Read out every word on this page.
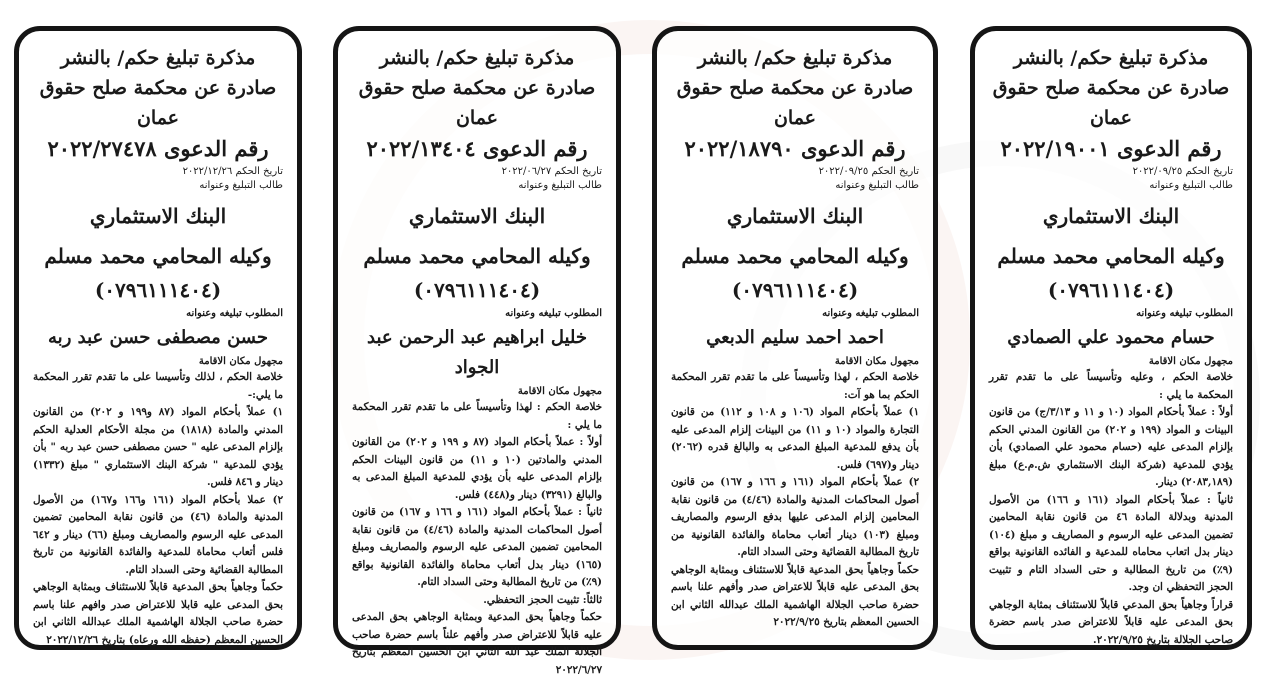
مذكرة تبليغ حكم/ بالنشر
صادرة عن محكمة صلح حقوق عمان
رقم الدعوى ٢٠٢٢/١٩٠٠١
تاريخ الحكم ٢٠٢٢/٠٩/٢٥
طالب التبليغ وعنوانه
البنك الاستثماري
وكيله المحامي محمد مسلم
(٠٧٩٦١١١٤٠٤)
المطلوب تبليغه وعنوانه
حسام محمود علي الصمادي
مجهول مكان الاقامة

خلاصة الحكم ، وعليه وتأسيساً على ما تقدم تقرر المحكمة ما يلي :

أولاً : عملاً بأحكام المواد (١٠ و ١١ و ٣/١٣/ج) من قانون البينات و المواد (١٩٩ و ٢٠٢) من القانون المدني الحكم بإلزام المدعى عليه (حسام محمود علي الصمادي) بأن يؤدي للمدعية (شركة البنك الاستثماري ش.م.ع) مبلغ (٢٠٨٣,١٨٩) دينار.

ثانياً : عملاً بأحكام المواد (١٦١ و ١٦٦) من الأصول المدنية وبدلالة المادة ٤٦ من قانون نقابة المحامين تضمين المدعى عليه الرسوم و المصاريف و مبلغ (١٠٤) دينار بدل اتعاب محاماه للمدعية و الفائده القانونية بواقع (٩٪) من تاريخ المطالبة و حتى السداد التام و تثبيت الحجز التحفظي ان وجد.

قراراً وجاهياً بحق المدعي قابلاً للاستئناف بمثابة الوجاهي بحق المدعى عليه قابلاً للاعتراض صدر باسم حضرة صاحب الجلالة بتاريخ ٢٠٢٢/٩/٢٥.

مذكرة تبليغ حكم/ بالنشر
صادرة عن محكمة صلح حقوق عمان
رقم الدعوى ٢٠٢٢/١٨٧٩٠
تاريخ الحكم ٢٠٢٢/٠٩/٢٥
طالب التبليغ وعنوانه
البنك الاستثماري
وكيله المحامي محمد مسلم
(٠٧٩٦١١١٤٠٤)
المطلوب تبليغه وعنوانه
احمد احمد سليم الدبعي
مجهول مكان الاقامة

خلاصة الحكم ، لهذا وتأسيساً على ما تقدم تقرر المحكمة الحكم بما هو آت:

١) عملاً بأحكام المواد (١٠٦ و ١٠٨ و ١١٢) من قانون التجارة والمواد (١٠ و ١١) من البينات إلزام المدعى عليه بأن يدفع للمدعية المبلغ المدعى به والبالغ قدره (٢٠٦٢) دينار و(٦٩٧) فلس.

٢) عملاً بأحكام المواد (١٦١ و ١٦٦ و ١٦٧) من قانون أصول المحاكمات المدنية والمادة (٤/٤٦) من قانون نقابة المحامين إلزام المدعى عليها بدفع الرسوم والمصاريف ومبلغ (١٠٣) دينار أتعاب محاماة والفائدة القانونية من تاريخ المطالبة القضائية وحتى السداد التام.

حكماً وجاهياً بحق المدعية قابلاً للاستئناف وبمثابة الوجاهي بحق المدعى عليه قابلاً للاعتراض صدر وأفهم علنا باسم حضرة صاحب الجلالة الهاشمية الملك عبدالله الثاني ابن الحسين المعظم بتاريخ ٢٠٢٢/٩/٢٥

مذكرة تبليغ حكم/ بالنشر
صادرة عن محكمة صلح حقوق عمان
رقم الدعوى ٢٠٢٢/١٣٤٠٤
تاريخ الحكم ٢٠٢٢/٠٦/٢٧
طالب التبليغ وعنوانه
البنك الاستثماري
وكيله المحامي محمد مسلم
(٠٧٩٦١١١٤٠٤)
المطلوب تبليغه وعنوانه
خليل ابراهيم عبد الرحمن عبد الجواد
مجهول مكان الاقامة

خلاصة الحكم : لهذا وتأسيساً على ما تقدم تقرر المحكمة ما يلي :

أولاً : عملاً بأحكام المواد (٨٧ و ١٩٩ و ٢٠٢) من القانون المدني والمادتين (١٠ و ١١) من قانون البينات الحكم بإلزام المدعى عليه بأن يؤدي للمدعية المبلغ المدعى به والبالغ (٣٢٩١) دينار و(٤٤٨) فلس.

ثانياً : عملاً بأحكام المواد (١٦١ و ١٦٦ و ١٦٧) من قانون أصول المحاكمات المدنية والمادة (٤/٤٦) من قانون نقابة المحامين تضمين المدعى عليه الرسوم والمصاريف ومبلغ (١٦٥) دينار بدل أتعاب محاماة والفائدة القانونية بواقع (٩٪) من تاريخ المطالبة وحتى السداد التام.

ثالثاً: تثبيت الحجز التحفظي.

حكماً وجاهياً بحق المدعية وبمثابة الوجاهي بحق المدعى عليه قابلاً للاعتراض صدر وأفهم علناً باسم حضرة صاحب الجلالة الملك عبد الله الثاني ابن الحسين المعظم بتاريخ ٢٠٢٢/٦/٢٧

مذكرة تبليغ حكم/ بالنشر
صادرة عن محكمة صلح حقوق عمان
رقم الدعوى ٢٠٢٢/٢٧٤٧٨
تاريخ الحكم ٢٠٢٢/١٢/٢٦
طالب التبليغ وعنوانه
البنك الاستثماري
وكيله المحامي محمد مسلم
(٠٧٩٦١١١٤٠٤)
المطلوب تبليغه وعنوانه
حسن مصطفى حسن عبد ربه
مجهول مكان الاقامة

خلاصة الحكم ، لذلك وتأسيسا على ما تقدم تقرر المحكمة ما يلي:-

١) عملاً بأحكام المواد (٨٧ و١٩٩ و ٢٠٢) من القانون المدني والمادة (١٨١٨) من مجلة الأحكام العدلية الحكم بإلزام المدعى عليه " حسن مصطفى حسن عبد ربه " بأن يؤدي للمدعية " شركة البنك الاستثماري " مبلغ (١٣٣٢) دينار و ٨٤٦ فلس.

٢) عملا بأحكام المواد (١٦١ و١٦٦ و١٦٧) من الأصول المدنية والمادة (٤٦) من قانون نقابة المحامين تضمين المدعى عليه الرسوم والمصاريف ومبلغ (٦٦) دينار و ٦٤٢ فلس أتعاب محاماة للمدعية والفائدة القانونية من تاريخ المطالبة القضائية وحتى السداد التام.

حكماً وجاهياً بحق المدعية قابلاً للاستئناف وبمثابة الوجاهي بحق المدعى عليه قابلا للاعتراض صدر وافهم علنا باسم حضرة صاحب الجلالة الهاشمية الملك عبدالله الثاني ابن الحسين المعظم (حفظه الله ورعاه) بتاريخ ٢٠٢٢/١٢/٢٦
